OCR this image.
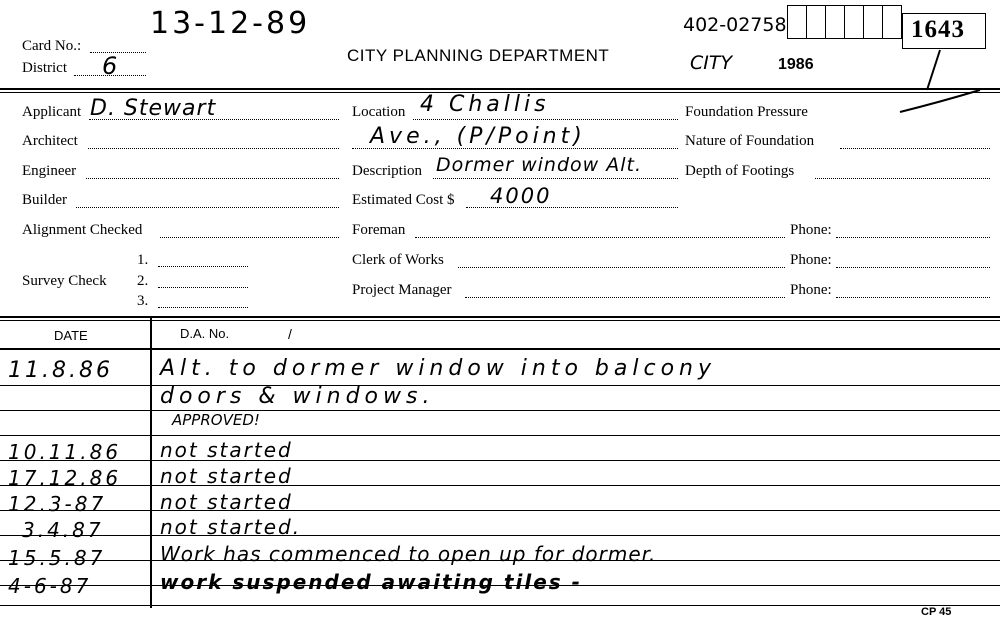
13-12-89
Card No.:
District 6	CITY PLANNING DEPARTMENT
402-02758
CITY	1986
1643
Applicant D. Stewart
Architect
Engineer
Builder
Alignment Checked
Survey Check
1.
2.
3.
Location 4 Challis
Ave., (P/Point)
Description Dormer window Alt.
Estimated Cost $ 4000
Foreman
Clerk of Works
Project Manager
Foundation Pressure
Nature of Foundation
Depth of Footings
Phone:
Phone:
Phone:
DATE	D.A. No.	/
11.8.86 Alt. to dormer window into balcony
doors & windows.
APPROVED!
10.11.86 not started
17.12.86 not started
12.3-87	not started
3.4.87	not started.
15.5.87	Work has commenced to open up for dormer.
4-6-87	work suspended awaiting tiles -
CP 45
